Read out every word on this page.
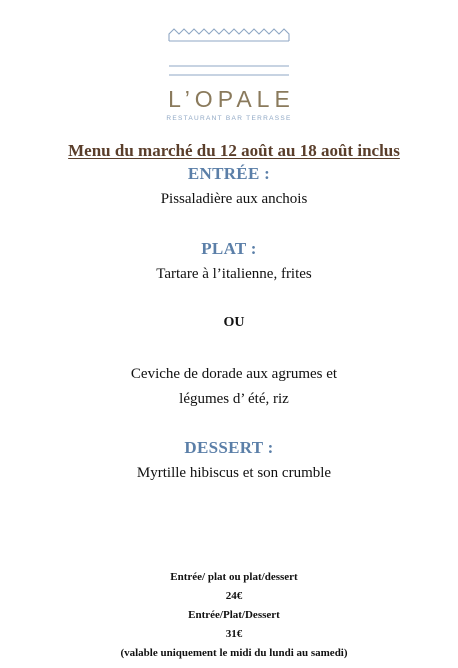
L’OPALE
RESTAURANT BAR TERRASSE
Menu du marché du 12 août au 18 août inclus
ENTRÉE :
Pissaladière aux anchois
PLAT :
Tartare à l’italienne, frites
OU
Ceviche de dorade aux agrumes et
légumes d’ été, riz
DESSERT :
Myrtille hibiscus et son crumble
Entrée/ plat ou plat/dessert
24€
Entrée/Plat/Dessert
31€
(valable uniquement le midi du lundi au samedi)
